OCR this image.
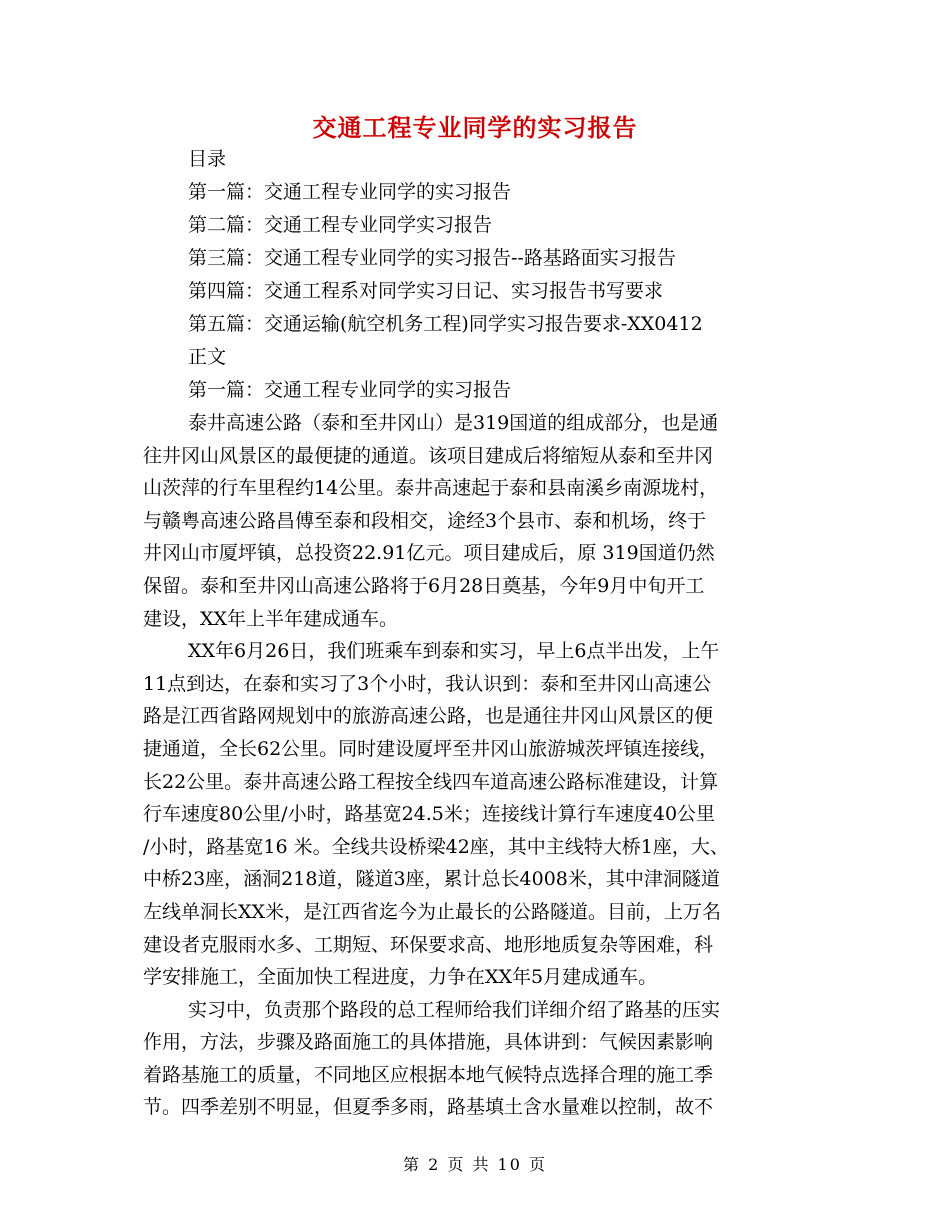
交通工程专业同学的实习报告
目录
第一篇：交通工程专业同学的实习报告
第二篇：交通工程专业同学实习报告
第三篇：交通工程专业同学的实习报告--路基路面实习报告
第四篇：交通工程系对同学实习日记、实习报告书写要求
第五篇：交通运输(航空机务工程)同学实习报告要求-XX0412
正文
第一篇：交通工程专业同学的实习报告
泰井高速公路（泰和至井冈山）是319国道的组成部分，也是通
往井冈山风景区的最便捷的通道。该项目建成后将缩短从泰和至井冈
山茨萍的行车里程约14公里。泰井高速起于泰和县南溪乡南源垅村，
与赣粤高速公路昌傅至泰和段相交，途经3个县市、泰和机场，终于
井冈山市厦坪镇，总投资22.91亿元。项目建成后，原 319国道仍然
保留。泰和至井冈山高速公路将于6月28日奠基，今年9月中旬开工
建设，XX年上半年建成通车。
XX年6月26日，我们班乘车到泰和实习，早上6点半出发，上午
11点到达，在泰和实习了3个小时，我认识到：泰和至井冈山高速公
路是江西省路网规划中的旅游高速公路，也是通往井冈山风景区的便
捷通道，全长62公里。同时建设厦坪至井冈山旅游城茨坪镇连接线，
长22公里。泰井高速公路工程按全线四车道高速公路标准建设，计算
行车速度80公里/小时，路基宽24.5米；连接线计算行车速度40公里
/小时，路基宽16 米。全线共设桥梁42座，其中主线特大桥1座，大、
中桥23座，涵洞218道，隧道3座，累计总长4008米，其中津洞隧道
左线单洞长XX米，是江西省迄今为止最长的公路隧道。目前，上万名
建设者克服雨水多、工期短、环保要求高、地形地质复杂等困难，科
学安排施工，全面加快工程进度，力争在XX年5月建成通车。
实习中，负责那个路段的总工程师给我们详细介绍了路基的压实
作用，方法，步骤及路面施工的具体措施，具体讲到：气候因素影响
着路基施工的质量，不同地区应根据本地气候特点选择合理的施工季
节。四季差别不明显，但夏季多雨，路基填土含水量难以控制，故不
第 2 页 共 10 页
